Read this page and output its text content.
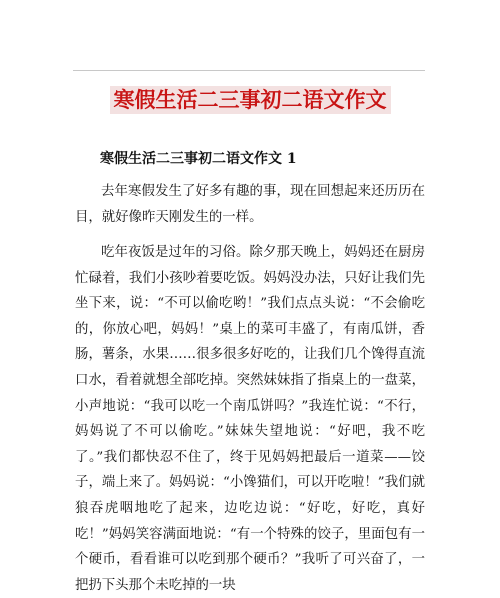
寒假生活二三事初二语文作文
寒假生活二三事初二语文作文 1

去年寒假发生了好多有趣的事，现在回想起来还历历在目，就好像昨天刚发生的一样。

吃年夜饭是过年的习俗。除夕那天晚上，妈妈还在厨房忙碌着，我们小孩吵着要吃饭。妈妈没办法，只好让我们先坐下来，说：“不可以偷吃哟！”我们点点头说：“不会偷吃的，你放心吧，妈妈！”桌上的菜可丰盛了，有南瓜饼，香肠，薯条，水果……很多很多好吃的，让我们几个馋得直流口水，看着就想全部吃掉。突然妹妹指了指桌上的一盘菜，小声地说：“我可以吃一个南瓜饼吗？”我连忙说：“不行，妈妈说了不可以偷吃。”妹妹失望地说：“好吧，我不吃了。”我们都快忍不住了，终于见妈妈把最后一道菜——饺子，端上来了。妈妈说：“小馋猫们，可以开吃啦！”我们就狼吞虎咽地吃了起来，边吃边说：“好吃，好吃，真好吃！”妈妈笑容满面地说：“有一个特殊的饺子，里面包有一个硬币，看看谁可以吃到那个硬币？”我听了可兴奋了，一把扔下头那个未吃掉的一块
